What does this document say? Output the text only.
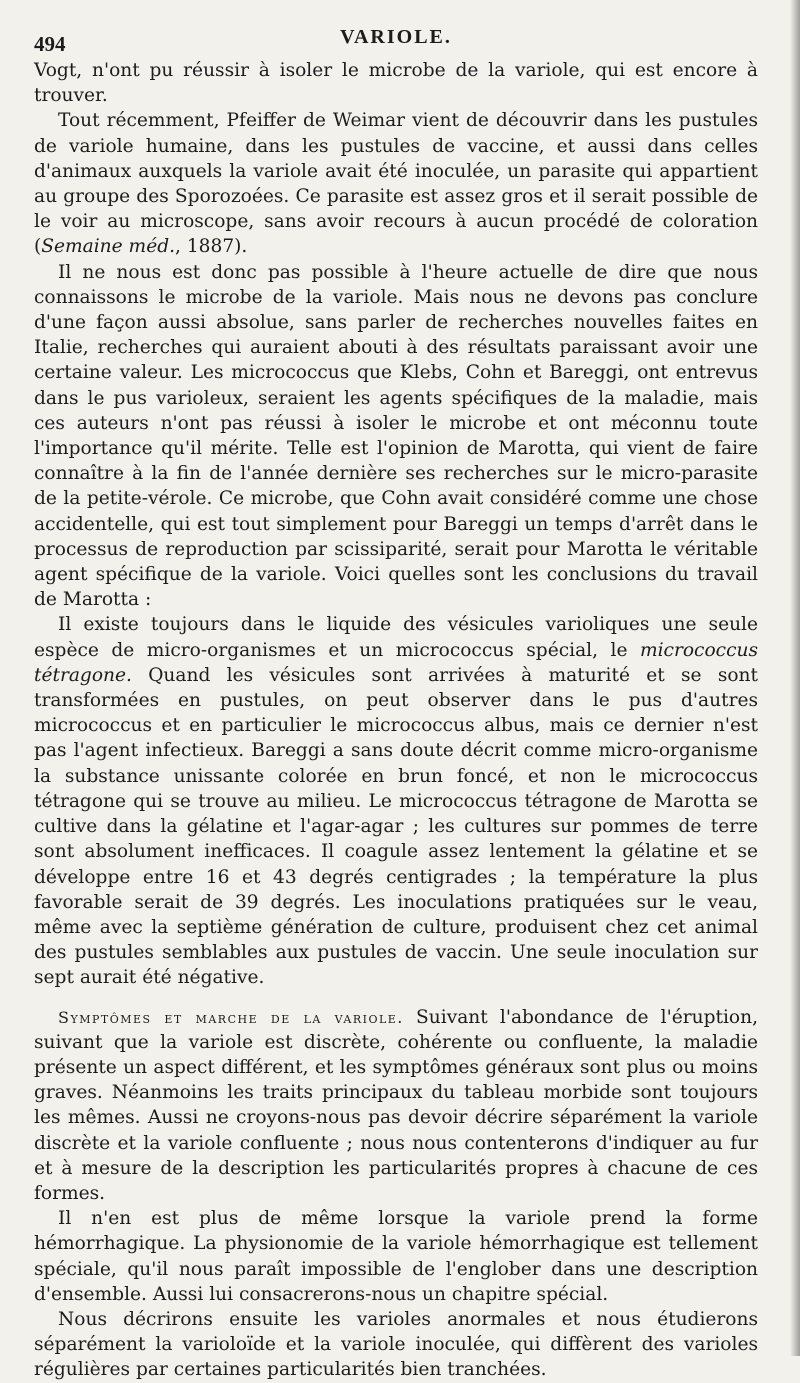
494	VARIOLE.

Vogt, n'ont pu réussir à isoler le microbe de la variole, qui est encore à trouver.

Tout récemment, Pfeiffer de Weimar vient de découvrir dans les pustules de variole humaine, dans les pustules de vaccine, et aussi dans celles d'animaux auxquels la variole avait été inoculée, un parasite qui appartient au groupe des Sporozoées. Ce parasite est assez gros et il serait possible de le voir au microscope, sans avoir recours à aucun procédé de coloration (Semaine méd., 1887).

Il ne nous est donc pas possible à l'heure actuelle de dire que nous connaissons le microbe de la variole. Mais nous ne devons pas conclure d'une façon aussi absolue, sans parler de recherches nouvelles faites en Italie, recherches qui auraient abouti à des résultats paraissant avoir une certaine valeur. Les micrococcus que Klebs, Cohn et Bareggi, ont entrevus dans le pus varioleux, seraient les agents spécifiques de la maladie, mais ces auteurs n'ont pas réussi à isoler le microbe et ont méconnu toute l'importance qu'il mérite. Telle est l'opinion de Marotta, qui vient de faire connaître à la fin de l'année dernière ses recherches sur le micro-parasite de la petite-vérole. Ce microbe, que Cohn avait considéré comme une chose accidentelle, qui est tout simplement pour Bareggi un temps d'arrêt dans le processus de reproduction par scissiparité, serait pour Marotta le véritable agent spécifique de la variole. Voici quelles sont les conclusions du travail de Marotta :

Il existe toujours dans le liquide des vésicules varioliques une seule espèce de micro-organismes et un micrococcus spécial, le micrococcus tétragone. Quand les vésicules sont arrivées à maturité et se sont transformées en pustules, on peut observer dans le pus d'autres micrococcus et en particulier le micrococcus albus, mais ce dernier n'est pas l'agent infectieux. Bareggi a sans doute décrit comme micro-organisme la substance unissante colorée en brun foncé, et non le micrococcus tétragone qui se trouve au milieu. Le micrococcus tétragone de Marotta se cultive dans la gélatine et l'agar-agar ; les cultures sur pommes de terre sont absolument inefficaces. Il coagule assez lentement la gélatine et se développe entre 16 et 43 degrés centigrades ; la température la plus favorable serait de 39 degrés. Les inoculations pratiquées sur le veau, même avec la septième génération de culture, produisent chez cet animal des pustules semblables aux pustules de vaccin. Une seule inoculation sur sept aurait été négative.

Symptômes et marche de la variole. Suivant l'abondance de l'éruption, suivant que la variole est discrète, cohérente ou confluente, la maladie présente un aspect différent, et les symptômes généraux sont plus ou moins graves. Néanmoins les traits principaux du tableau morbide sont toujours les mêmes. Aussi ne croyons-nous pas devoir décrire séparément la variole discrète et la variole confluente ; nous nous contenterons d'indiquer au fur et à mesure de la description les particularités propres à chacune de ces formes.

Il n'en est plus de même lorsque la variole prend la forme hémorrhagique. La physionomie de la variole hémorrhagique est tellement spéciale, qu'il nous paraît impossible de l'englober dans une description d'ensemble. Aussi lui consacrerons-nous un chapitre spécial.

Nous décrirons ensuite les varioles anormales et nous étudierons séparément la varioloïde et la variole inoculée, qui diffèrent des varioles régulières par certaines particularités bien tranchées.
